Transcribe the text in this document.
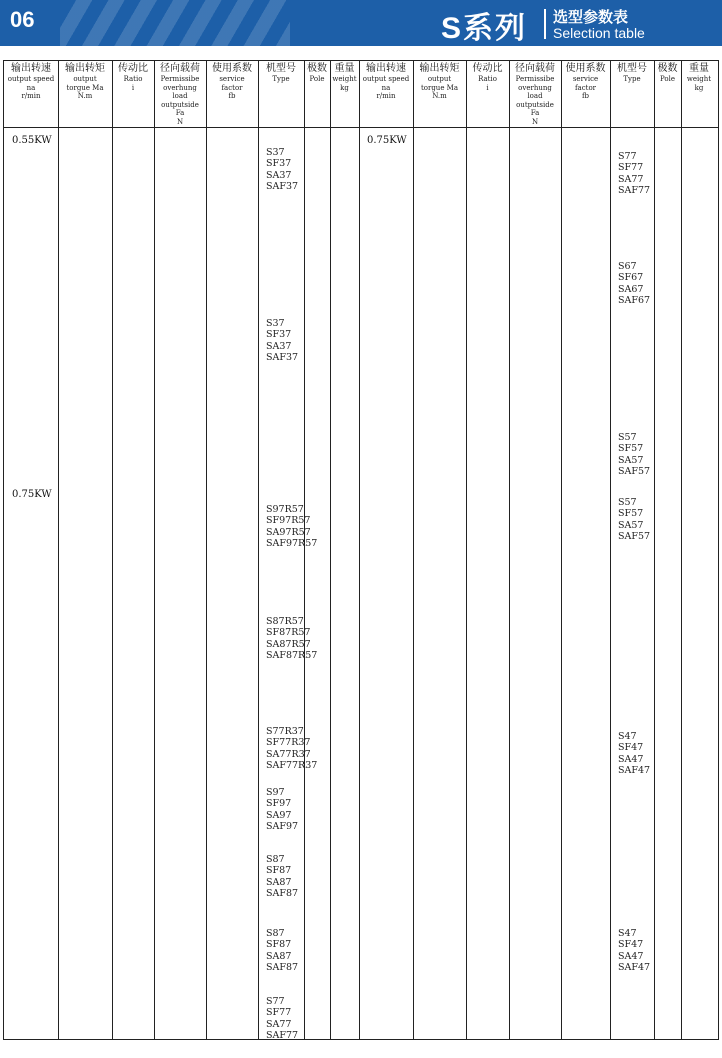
06	S系列 选型参数表
Selection table
输出转速
output speed
na
r/min
输出转矩
output
torgue Ma
N.m
传动比
Ratio
i
径向载荷
Permissibe
overhung
load
outputside
Fa
N
使用系数
service
factor
fb
机型号
Type
极数
Pole
重量
weight
kg
输出转速
output speed
na
r/min
输出转矩
output
torgue Ma
N.m
传动比
Ratio
i
径向载荷
Permissibe
overhung
load
outputside
Fa
N
使用系数
service
factor
fb
机型号
Type
极数
Pole
重量
weight
kg
0.55KW
S37
SF37
SA37
SAF37
S37
SF37
SA37
SAF37
0.75KW
S97R57
SF97R57
SA97R57
SAF97R57
S87R57
SF87R57
SA87R57
SAF87R57
S77R37
SF77R37
SA77R37
SAF77R37
S97
SF97
SA97
SAF97
S87
SF87
SA87
SAF87
S87
SF87
SA87
SAF87
S77
SF77
SA77
SAF77
0.75KW
S77
SF77
SA77
SAF77
S67
SF67
SA67
SAF67
S57
SF57
SA57
SAF57
S57
SF57
SA57
SAF57
S47
SF47
SA47
SAF47
S47
SF47
SA47
SAF47
